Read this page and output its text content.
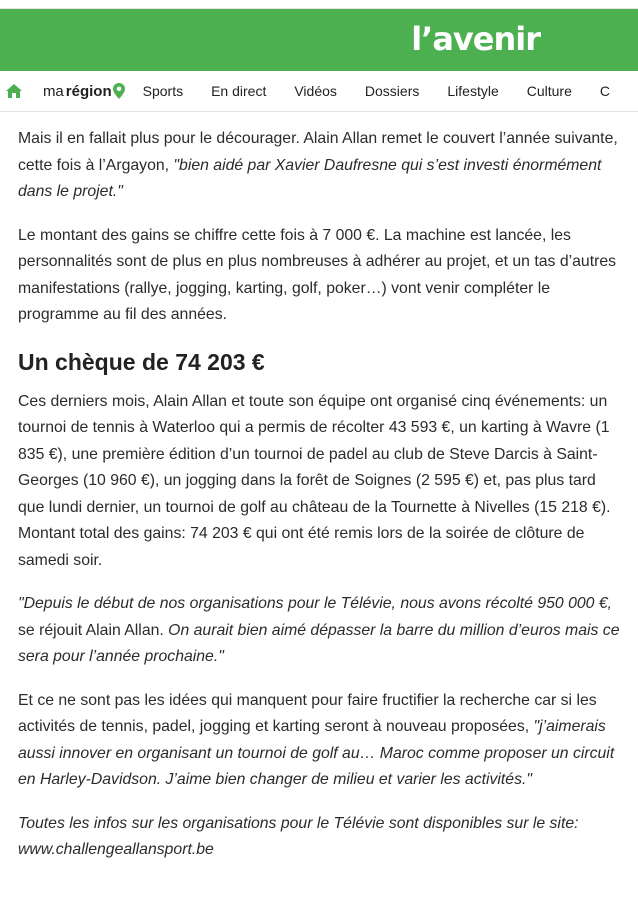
l’avenir
ma région Sports En direct Vidéos Dossiers Lifestyle Culture C

Mais il en fallait plus pour le décourager. Alain Allan remet le couvert l’année suivante, cette fois à l’Argayon, "bien aidé par Xavier Daufresne qui s’est investi énormément dans le projet."

Le montant des gains se chiffre cette fois à 7 000 €. La machine est lancée, les personnalités sont de plus en plus nombreuses à adhérer au projet, et un tas d’autres manifestations (rallye, jogging, karting, golf, poker…) vont venir compléter le programme au fil des années.

Un chèque de 74 203 €

Ces derniers mois, Alain Allan et toute son équipe ont organisé cinq événements: un tournoi de tennis à Waterloo qui a permis de récolter 43 593 €, un karting à Wavre (1 835 €), une première édition d’un tournoi de padel au club de Steve Darcis à Saint-Georges (10 960 €), un jogging dans la forêt de Soignes (2 595 €) et, pas plus tard que lundi dernier, un tournoi de golf au château de la Tournette à Nivelles (15 218 €). Montant total des gains: 74 203 € qui ont été remis lors de la soirée de clôture de samedi soir.

"Depuis le début de nos organisations pour le Télévie, nous avons récolté 950 000 €, se réjouit Alain Allan. On aurait bien aimé dépasser la barre du million d’euros mais ce sera pour l’année prochaine."

Et ce ne sont pas les idées qui manquent pour faire fructifier la recherche car si les activités de tennis, padel, jogging et karting seront à nouveau proposées, "j’aimerais aussi innover en organisant un tournoi de golf au… Maroc comme proposer un circuit en Harley-Davidson. J’aime bien changer de milieu et varier les activités."

Toutes les infos sur les organisations pour le Télévie sont disponibles sur le site: www.challengeallansport.be
